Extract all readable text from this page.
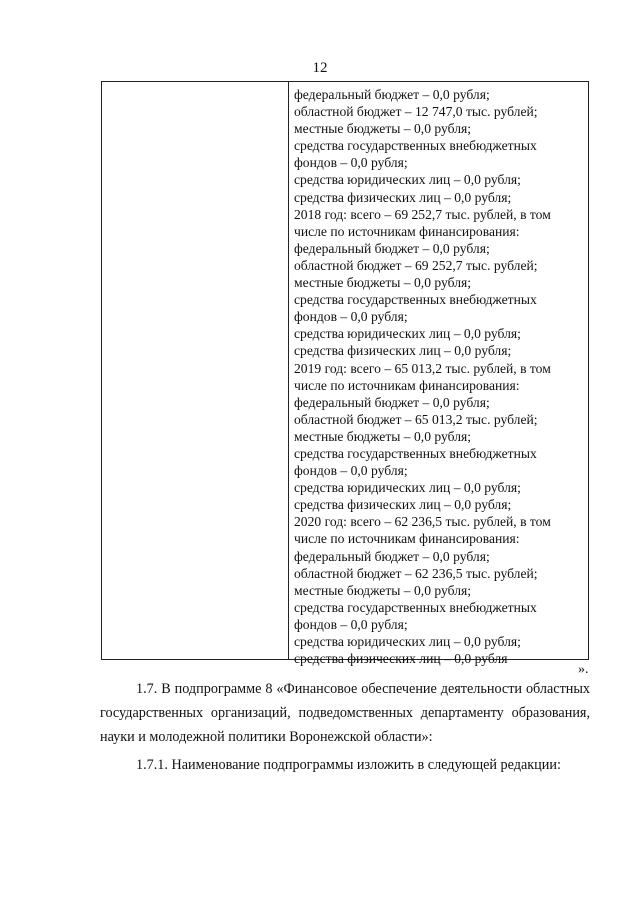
12
федеральный бюджет – 0,0 рубля;
областной бюджет – 12 747,0 тыс. рублей;
местные бюджеты – 0,0 рубля;
средства государственных внебюджетных
фондов – 0,0 рубля;
средства юридических лиц – 0,0 рубля;
средства физических лиц – 0,0 рубля;
2018 год: всего – 69 252,7 тыс. рублей, в том
числе по источникам финансирования:
федеральный бюджет – 0,0 рубля;
областной бюджет – 69 252,7 тыс. рублей;
местные бюджеты – 0,0 рубля;
средства государственных внебюджетных
фондов – 0,0 рубля;
средства юридических лиц – 0,0 рубля;
средства физических лиц – 0,0 рубля;
2019 год: всего – 65 013,2 тыс. рублей, в том
числе по источникам финансирования:
федеральный бюджет – 0,0 рубля;
областной бюджет – 65 013,2 тыс. рублей;
местные бюджеты – 0,0 рубля;
средства государственных внебюджетных
фондов – 0,0 рубля;
средства юридических лиц – 0,0 рубля;
средства физических лиц – 0,0 рубля;
2020 год: всего – 62 236,5 тыс. рублей, в том
числе по источникам финансирования:
федеральный бюджет – 0,0 рубля;
областной бюджет – 62 236,5 тыс. рублей;
местные бюджеты – 0,0 рубля;
средства государственных внебюджетных
фондов – 0,0 рубля;
средства юридических лиц – 0,0 рубля;
средства физических лиц – 0,0 рубля
».
1.7. В подпрограмме 8 «Финансовое обеспечение деятельности областных
государственных организаций, подведомственных департаменту образования,
науки и молодежной политики Воронежской области»:
1.7.1. Наименование подпрограммы изложить в следующей редакции:
